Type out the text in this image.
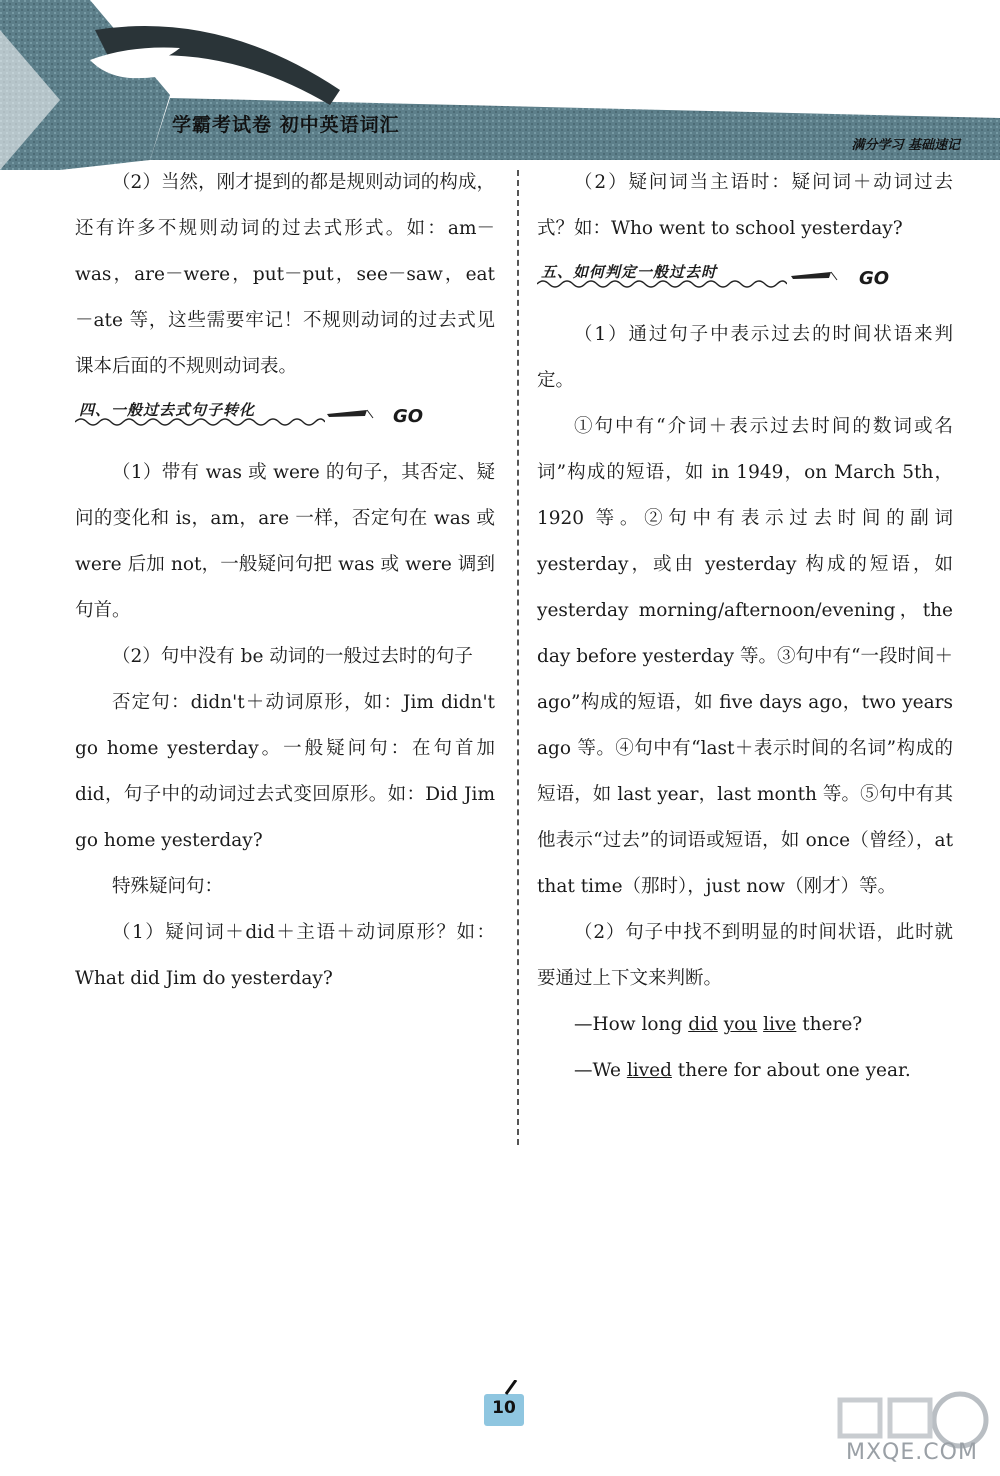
学霸考试卷 初中英语词汇
满分学习 基础速记

（2）当然，刚才提到的都是规则动词的构成，还有许多不规则动词的过去式形式。如：am－was，are－were，put－put，see－saw，eat－ate 等，这些需要牢记！不规则动词的过去式见课本后面的不规则动词表。

四、一般过去式句子转化	GO

（1）带有 was 或 were 的句子，其否定、疑问的变化和 is，am，are 一样，否定句在 was 或 were 后加 not，一般疑问句把 was 或 were 调到句首。

（2）句中没有 be 动词的一般过去时的句子

否定句：didn't＋动词原形，如：Jim didn't go home yesterday。一般疑问句：在句首加 did，句子中的动词过去式变回原形。如：Did Jim go home yesterday?

特殊疑问句：

（1）疑问词＋did＋主语＋动词原形？如：What did Jim do yesterday?

（2）疑问词当主语时：疑问词＋动词过去式？如：Who went to school yesterday?

五、如何判定一般过去时	GO

（1）通过句子中表示过去的时间状语来判定。

①句中有“介词＋表示过去时间的数词或名词”构成的短语，如 in 1949，on March 5th，1920 等。②句中有表示过去时间的副词 yesterday，或由 yesterday 构成的短语，如 yesterday morning/afternoon/evening，the day before yesterday 等。③句中有“一段时间＋ago”构成的短语，如 five days ago，two years ago 等。④句中有“last＋表示时间的名词”构成的短语，如 last year，last month 等。⑤句中有其他表示“过去”的词语或短语，如 once（曾经），at that time（那时），just now（刚才）等。

（2）句子中找不到明显的时间状语，此时就要通过上下文来判断。

—How long did you live there?

—We lived there for about one year.

10
MXQE.COM
